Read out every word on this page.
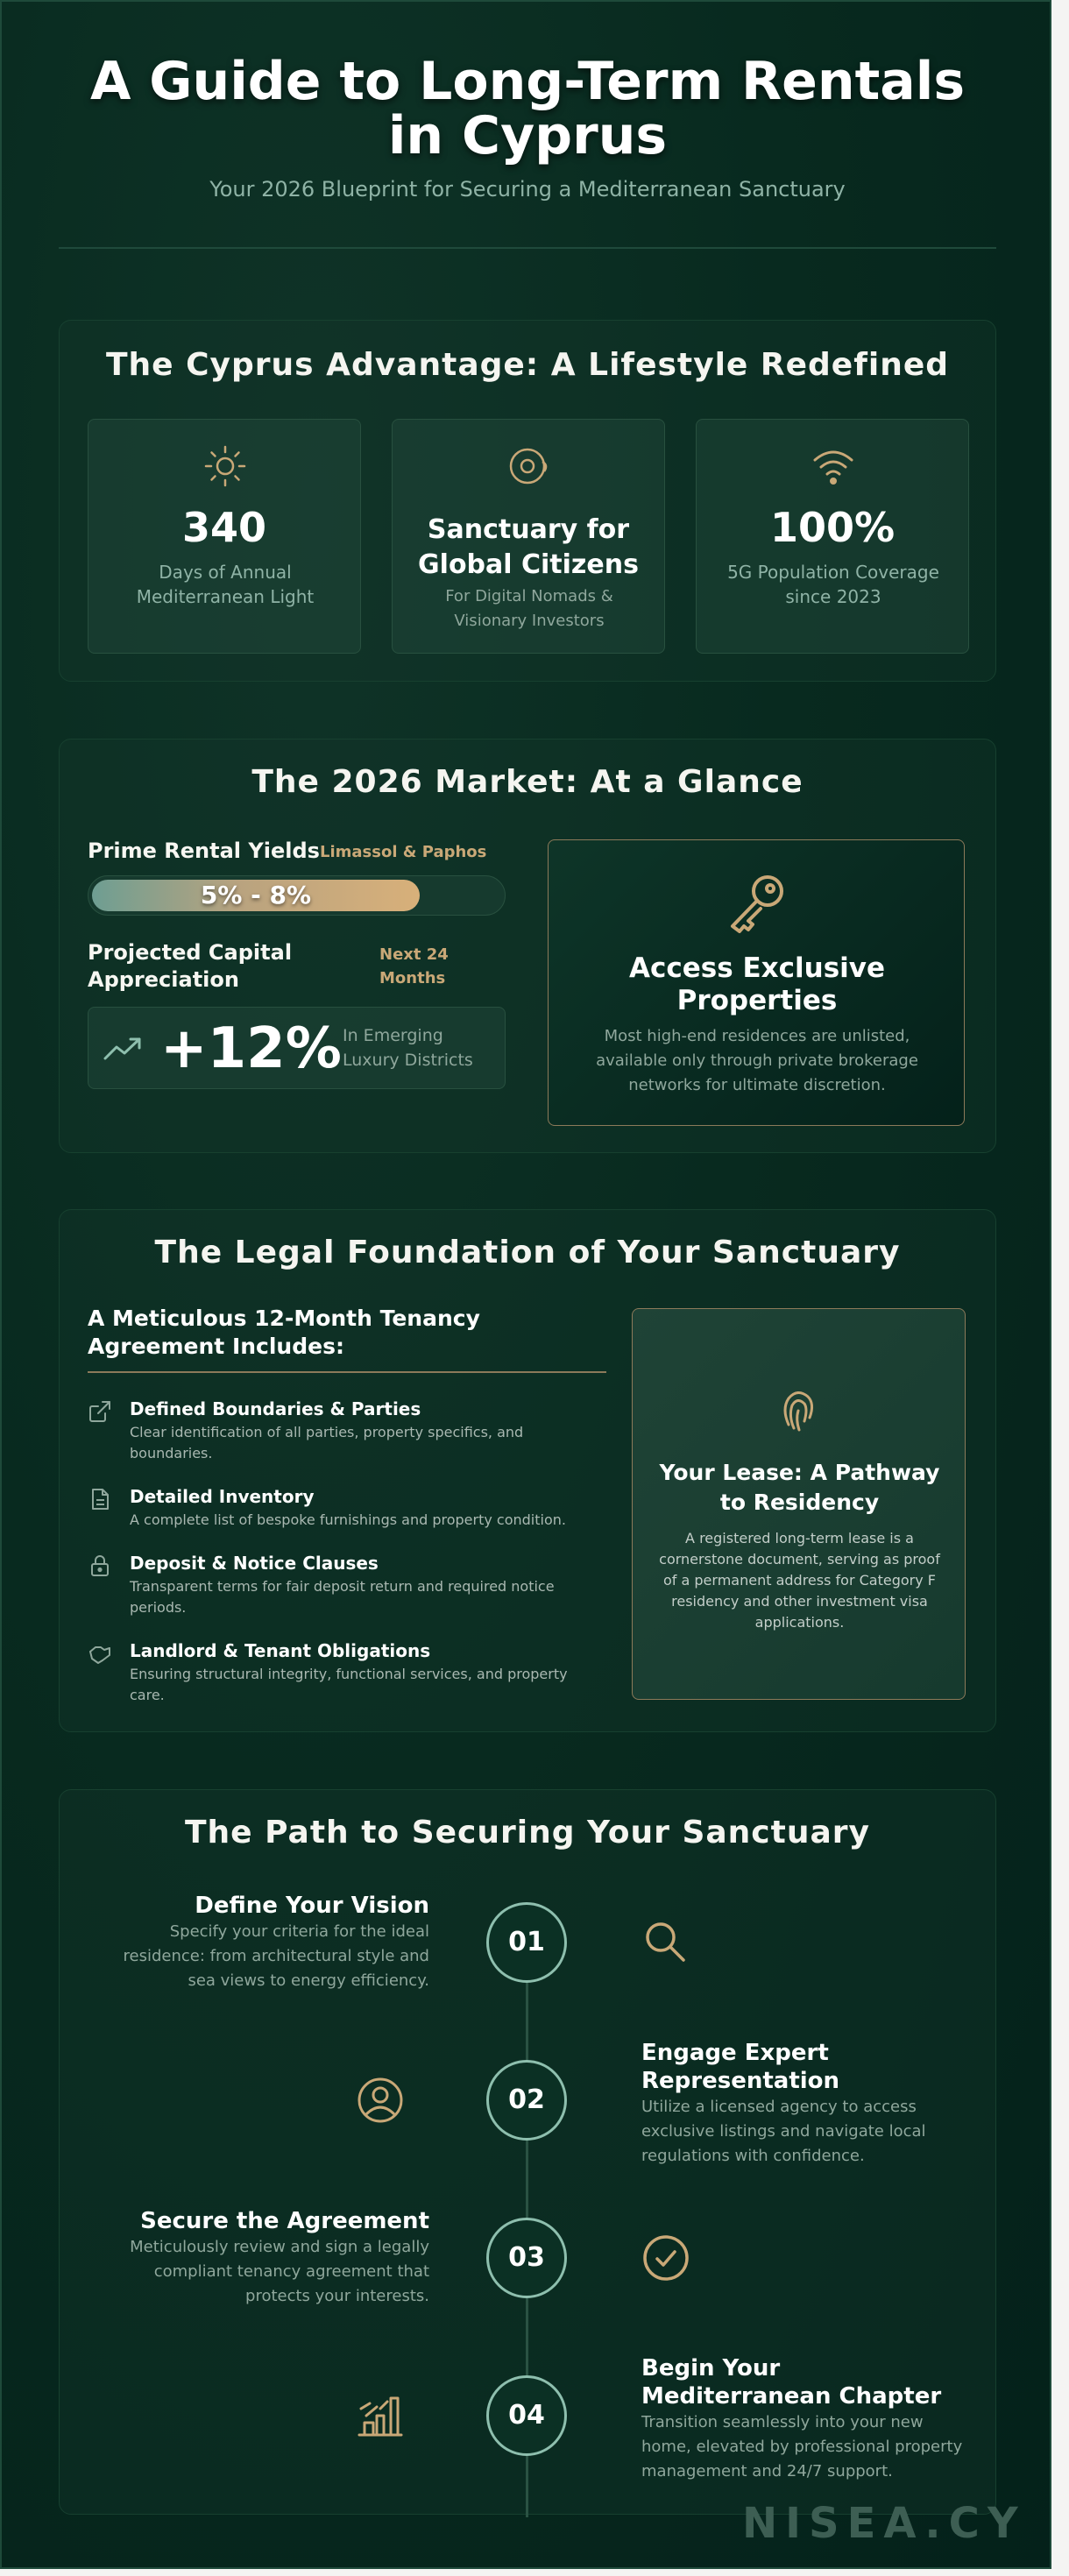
A Guide to Long-Term Rentals in Cyprus
Your 2026 Blueprint for Securing a Mediterranean Sanctuary
The Cyprus Advantage: A Lifestyle Redefined
340
Days of Annual Mediterranean Light
Sanctuary for Global Citizens
For Digital Nomads & Visionary Investors
100%
5G Population Coverage since 2023
The 2026 Market: At a Glance
Prime Rental Yields Limassol & Paphos
5% - 8%
Projected Capital Appreciation
Next 24 Months
+12% In Emerging Luxury Districts
Access Exclusive Properties
Most high-end residences are unlisted, available only through private brokerage networks for ultimate discretion.
The Legal Foundation of Your Sanctuary
A Meticulous 12-Month Tenancy Agreement Includes:
Defined Boundaries & Parties
Clear identification of all parties, property specifics, and boundaries.
Detailed Inventory
A complete list of bespoke furnishings and property condition.
Deposit & Notice Clauses
Transparent terms for fair deposit return and required notice periods.
Landlord & Tenant Obligations
Ensuring structural integrity, functional services, and property care.
Your Lease: A Pathway to Residency
A registered long-term lease is a cornerstone document, serving as proof of a permanent address for Category F residency and other investment visa applications.
The Path to Securing Your Sanctuary
Define Your Vision
Specify your criteria for the ideal residence: from architectural style and sea views to energy efficiency.
01
02
Engage Expert Representation
Utilize a licensed agency to access exclusive listings and navigate local regulations with confidence.
Secure the Agreement
Meticulously review and sign a legally compliant tenancy agreement that protects your interests.
03
04
Begin Your Mediterranean Chapter
Transition seamlessly into your new home, elevated by professional property management and 24/7 support.
NISEA.CY
